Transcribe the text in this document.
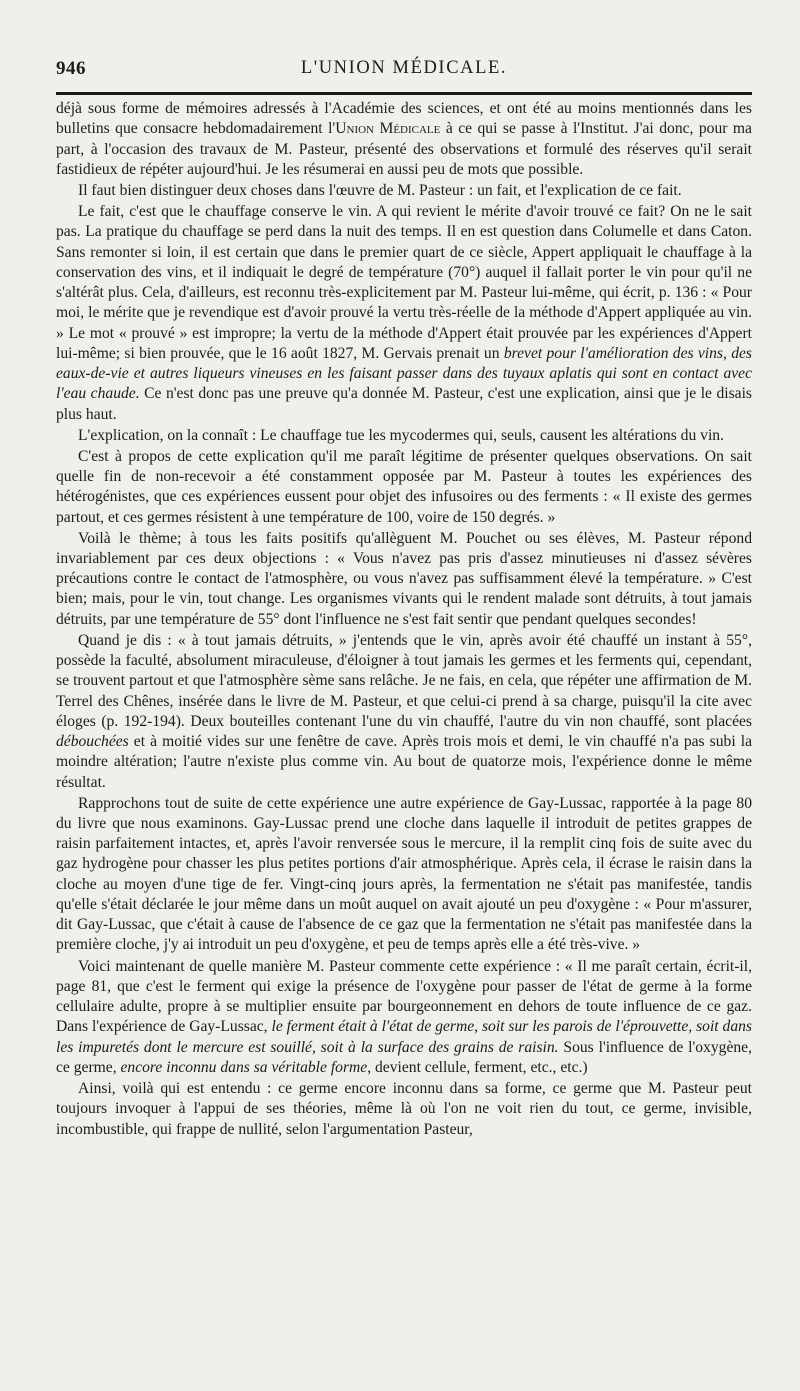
946	L'UNION MÉDICALE.

déjà sous forme de mémoires adressés à l'Académie des sciences, et ont été au moins mentionnés dans les bulletins que consacre hebdomadairement l'Union Médicale à ce qui se passe à l'Institut. J'ai donc, pour ma part, à l'occasion des travaux de M. Pasteur, présenté des observations et formulé des réserves qu'il serait fastidieux de répéter aujourd'hui. Je les résumerai en aussi peu de mots que possible.

Il faut bien distinguer deux choses dans l'œuvre de M. Pasteur : un fait, et l'explication de ce fait.

Le fait, c'est que le chauffage conserve le vin. A qui revient le mérite d'avoir trouvé ce fait? On ne le sait pas. La pratique du chauffage se perd dans la nuit des temps. Il en est question dans Columelle et dans Caton. Sans remonter si loin, il est certain que dans le premier quart de ce siècle, Appert appliquait le chauffage à la conservation des vins, et il indiquait le degré de température (70°) auquel il fallait porter le vin pour qu'il ne s'altérât plus. Cela, d'ailleurs, est reconnu très-explicitement par M. Pasteur lui-même, qui écrit, p. 136 : « Pour moi, le mérite que je revendique est d'avoir prouvé la vertu très-réelle de la méthode d'Appert appliquée au vin. » Le mot « prouvé » est impropre; la vertu de la méthode d'Appert était prouvée par les expériences d'Appert lui-même; si bien prouvée, que le 16 août 1827, M. Gervais prenait un brevet pour l'amélioration des vins, des eaux-de-vie et autres liqueurs vineuses en les faisant passer dans des tuyaux aplatis qui sont en contact avec l'eau chaude. Ce n'est donc pas une preuve qu'a donnée M. Pasteur, c'est une explication, ainsi que je le disais plus haut.

L'explication, on la connaît : Le chauffage tue les mycodermes qui, seuls, causent les altérations du vin.

C'est à propos de cette explication qu'il me paraît légitime de présenter quelques observations. On sait quelle fin de non-recevoir a été constamment opposée par M. Pasteur à toutes les expériences des hétérogénistes, que ces expériences eussent pour objet des infusoires ou des ferments : « Il existe des germes partout, et ces germes résistent à une température de 100, voire de 150 degrés. »

Voilà le thème; à tous les faits positifs qu'allèguent M. Pouchet ou ses élèves, M. Pasteur répond invariablement par ces deux objections : « Vous n'avez pas pris d'assez minutieuses ni d'assez sévères précautions contre le contact de l'atmosphère, ou vous n'avez pas suffisamment élevé la température. » C'est bien; mais, pour le vin, tout change. Les organismes vivants qui le rendent malade sont détruits, à tout jamais détruits, par une température de 55° dont l'influence ne s'est fait sentir que pendant quelques secondes!

Quand je dis : « à tout jamais détruits, » j'entends que le vin, après avoir été chauffé un instant à 55°, possède la faculté, absolument miraculeuse, d'éloigner à tout jamais les germes et les ferments qui, cependant, se trouvent partout et que l'atmosphère sème sans relâche. Je ne fais, en cela, que répéter une affirmation de M. Terrel des Chênes, insérée dans le livre de M. Pasteur, et que celui-ci prend à sa charge, puisqu'il la cite avec éloges (p. 192-194). Deux bouteilles contenant l'une du vin chauffé, l'autre du vin non chauffé, sont placées débouchées et à moitié vides sur une fenêtre de cave. Après trois mois et demi, le vin chauffé n'a pas subi la moindre altération; l'autre n'existe plus comme vin. Au bout de quatorze mois, l'expérience donne le même résultat.

Rapprochons tout de suite de cette expérience une autre expérience de Gay-Lussac, rapportée à la page 80 du livre que nous examinons. Gay-Lussac prend une cloche dans laquelle il introduit de petites grappes de raisin parfaitement intactes, et, après l'avoir renversée sous le mercure, il la remplit cinq fois de suite avec du gaz hydrogène pour chasser les plus petites portions d'air atmosphérique. Après cela, il écrase le raisin dans la cloche au moyen d'une tige de fer. Vingt-cinq jours après, la fermentation ne s'était pas manifestée, tandis qu'elle s'était déclarée le jour même dans un moût auquel on avait ajouté un peu d'oxygène : « Pour m'assurer, dit Gay-Lussac, que c'était à cause de l'absence de ce gaz que la fermentation ne s'était pas manifestée dans la première cloche, j'y ai introduit un peu d'oxygène, et peu de temps après elle a été très-vive. »

Voici maintenant de quelle manière M. Pasteur commente cette expérience : « Il me paraît certain, écrit-il, page 81, que c'est le ferment qui exige la présence de l'oxygène pour passer de l'état de germe à la forme cellulaire adulte, propre à se multiplier ensuite par bourgeonnement en dehors de toute influence de ce gaz. Dans l'expérience de Gay-Lussac, le ferment était à l'état de germe, soit sur les parois de l'éprouvette, soit dans les impuretés dont le mercure est souillé, soit à la surface des grains de raisin. Sous l'influence de l'oxygène, ce germe, encore inconnu dans sa véritable forme, devient cellule, ferment, etc., etc.)

Ainsi, voilà qui est entendu : ce germe encore inconnu dans sa forme, ce germe que M. Pasteur peut toujours invoquer à l'appui de ses théories, même là où l'on ne voit rien du tout, ce germe, invisible, incombustible, qui frappe de nullité, selon l'argumentation Pasteur,
